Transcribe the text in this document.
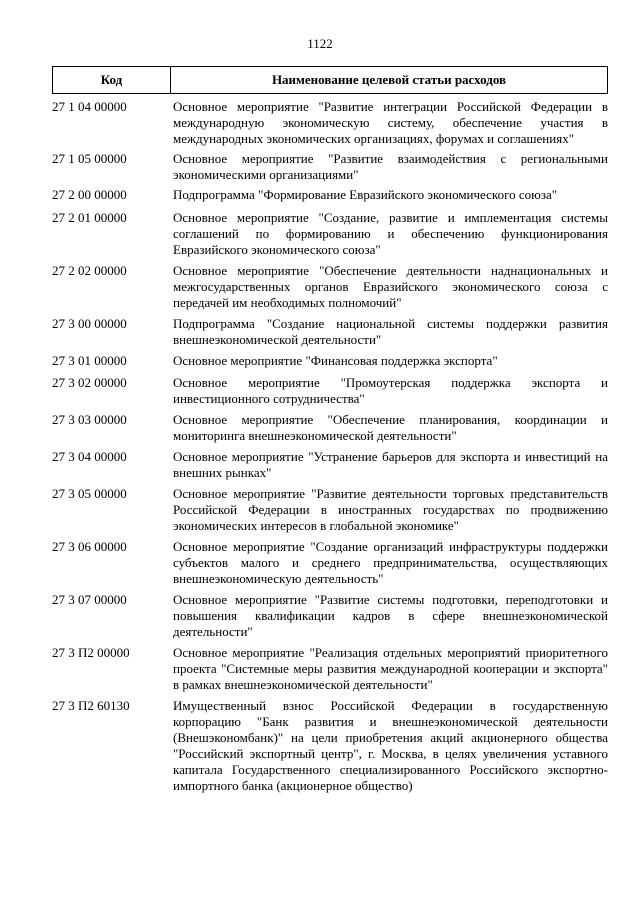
1122
Код	Наименование целевой статьи расходов
27 1 04 00000	Основное мероприятие "Развитие интеграции Российской Федерации в международную экономическую систему, обеспечение участия в международных экономических организациях, форумах и соглашениях"
27 1 05 00000	Основное мероприятие "Развитие взаимодействия с региональными экономическими организациями"
27 2 00 00000	Подпрограмма "Формирование Евразийского экономического союза"
27 2 01 00000	Основное мероприятие "Создание, развитие и имплементация системы соглашений по формированию и обеспечению функционирования Евразийского экономического союза"
27 2 02 00000	Основное мероприятие "Обеспечение деятельности наднациональных и межгосударственных органов Евразийского экономического союза с передачей им необходимых полномочий"
27 3 00 00000	Подпрограмма "Создание национальной системы поддержки развития внешнеэкономической деятельности"
27 3 01 00000	Основное мероприятие "Финансовая поддержка экспорта"
27 3 02 00000	Основное мероприятие "Промоутерская поддержка экспорта и инвестиционного сотрудничества"
27 3 03 00000	Основное мероприятие "Обеспечение планирования, координации и мониторинга внешнеэкономической деятельности"
27 3 04 00000	Основное мероприятие "Устранение барьеров для экспорта и инвестиций на внешних рынках"
27 3 05 00000	Основное мероприятие "Развитие деятельности торговых представительств Российской Федерации в иностранных государствах по продвижению экономических интересов в глобальной экономике"
27 3 06 00000	Основное мероприятие "Создание организаций инфраструктуры поддержки субъектов малого и среднего предпринимательства, осуществляющих внешнеэкономическую деятельность"
27 3 07 00000	Основное мероприятие "Развитие системы подготовки, переподготовки и повышения квалификации кадров в сфере внешнеэкономической деятельности"
27 3 П2 00000	Основное мероприятие "Реализация отдельных мероприятий приоритетного проекта "Системные меры развития международной кооперации и экспорта" в рамках внешнеэкономической деятельности"
27 3 П2 60130	Имущественный взнос Российской Федерации в государственную корпорацию "Банк развития и внешнеэкономической деятельности (Внешэкономбанк)" на цели приобретения акций акционерного общества "Российский экспортный центр", г. Москва, в целях увеличения уставного капитала Государственного специализированного Российского экспортно-импортного банка (акционерное общество)
